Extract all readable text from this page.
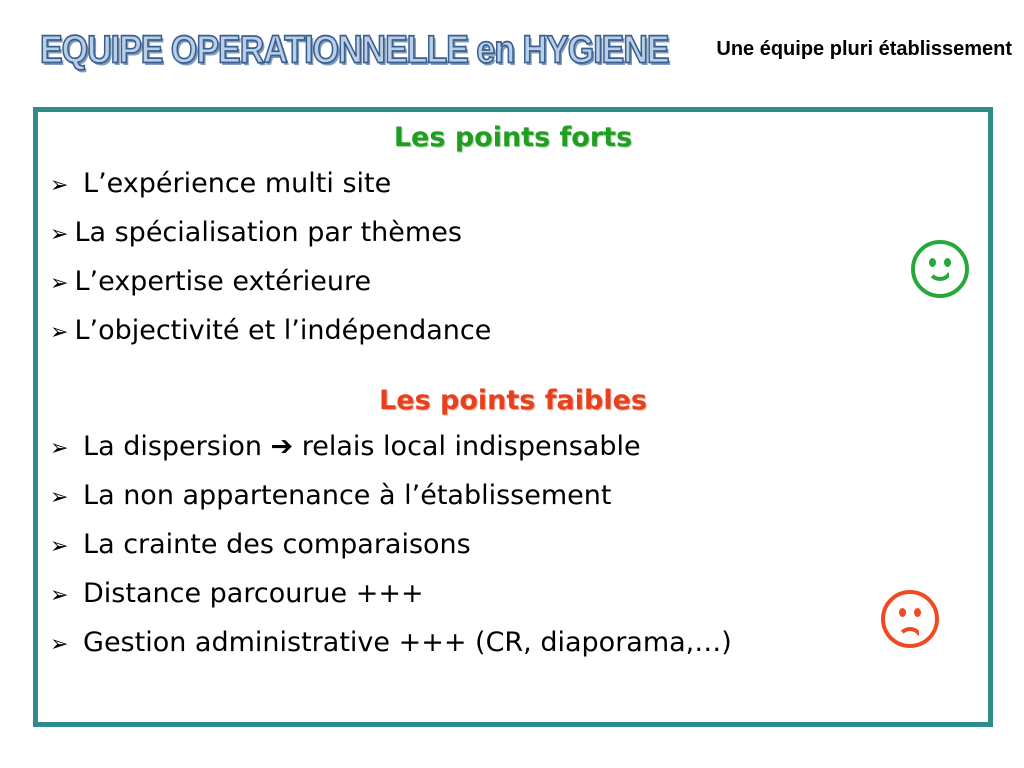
EQUIPE OPERATIONNELLE en HYGIENE Une équipe pluri établissement
Les points forts
➢ L’expérience multi site
➢ La spécialisation par thèmes
➢ L’expertise extérieure
➢ L’objectivité et l’indépendance
Les points faibles
➢ La dispersion ➔ relais local indispensable
➢ La non appartenance à l’établissement
➢ La crainte des comparaisons
➢ Distance parcourue +++
➢ Gestion administrative +++ (CR, diaporama,…)
